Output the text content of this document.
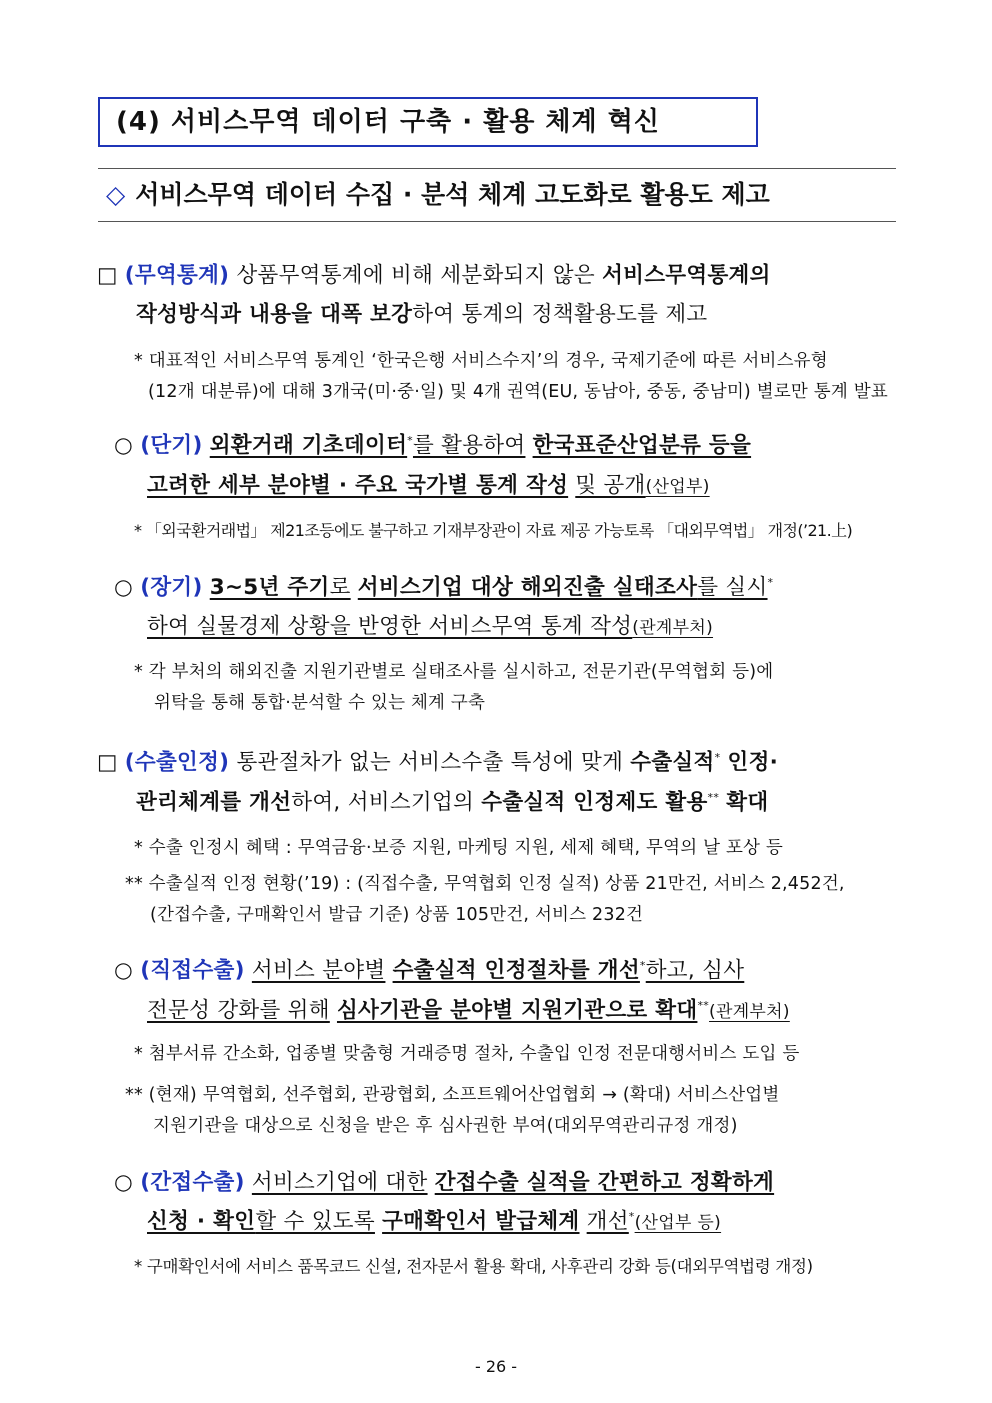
(4) 서비스무역 데이터 구축 · 활용 체계 혁신
◇ 서비스무역 데이터 수집 · 분석 체계 고도화로 활용도 제고
□ (무역통계) 상품무역통계에 비해 세분화되지 않은 서비스무역통계의
작성방식과 내용을 대폭 보강하여 통계의 정책활용도를 제고
* 대표적인 서비스무역 통계인 ‘한국은행 서비스수지’의 경우, 국제기준에 따른 서비스유형
(12개 대분류)에 대해 3개국(미·중·일) 및 4개 권역(EU, 동남아, 중동, 중남미) 별로만 통계 발표
○ (단기) 외환거래 기초데이터*를 활용하여 한국표준산업분류 등을
고려한 세부 분야별 · 주요 국가별 통계 작성 및 공개(산업부)
* 「외국환거래법」 제21조등에도 불구하고 기재부장관이 자료 제공 가능토록 「대외무역법」 개정(’21.上)
○ (장기) 3~5년 주기로 서비스기업 대상 해외진출 실태조사를 실시*
하여 실물경제 상황을 반영한 서비스무역 통계 작성(관계부처)
* 각 부처의 해외진출 지원기관별로 실태조사를 실시하고, 전문기관(무역협회 등)에
위탁을 통해 통합·분석할 수 있는 체계 구축
□ (수출인정) 통관절차가 없는 서비스수출 특성에 맞게 수출실적* 인정·
관리체계를 개선하여, 서비스기업의 수출실적 인정제도 활용** 확대
* 수출 인정시 혜택 : 무역금융·보증 지원, 마케팅 지원, 세제 혜택, 무역의 날 포상 등
** 수출실적 인정 현황(’19) : (직접수출, 무역협회 인정 실적) 상품 21만건, 서비스 2,452건,
(간접수출, 구매확인서 발급 기준) 상품 105만건, 서비스 232건
○ (직접수출) 서비스 분야별 수출실적 인정절차를 개선*하고, 심사
전문성 강화를 위해 심사기관을 분야별 지원기관으로 확대**(관계부처)
* 첨부서류 간소화, 업종별 맞춤형 거래증명 절차, 수출입 인정 전문대행서비스 도입 등
** (현재) 무역협회, 선주협회, 관광협회, 소프트웨어산업협회 → (확대) 서비스산업별
지원기관을 대상으로 신청을 받은 후 심사권한 부여(대외무역관리규정 개정)
○ (간접수출) 서비스기업에 대한 간접수출 실적을 간편하고 정확하게
신청 · 확인할 수 있도록 구매확인서 발급체계 개선*(산업부 등)
* 구매확인서에 서비스 품목코드 신설, 전자문서 활용 확대, 사후관리 강화 등(대외무역법령 개정)
- 26 -
